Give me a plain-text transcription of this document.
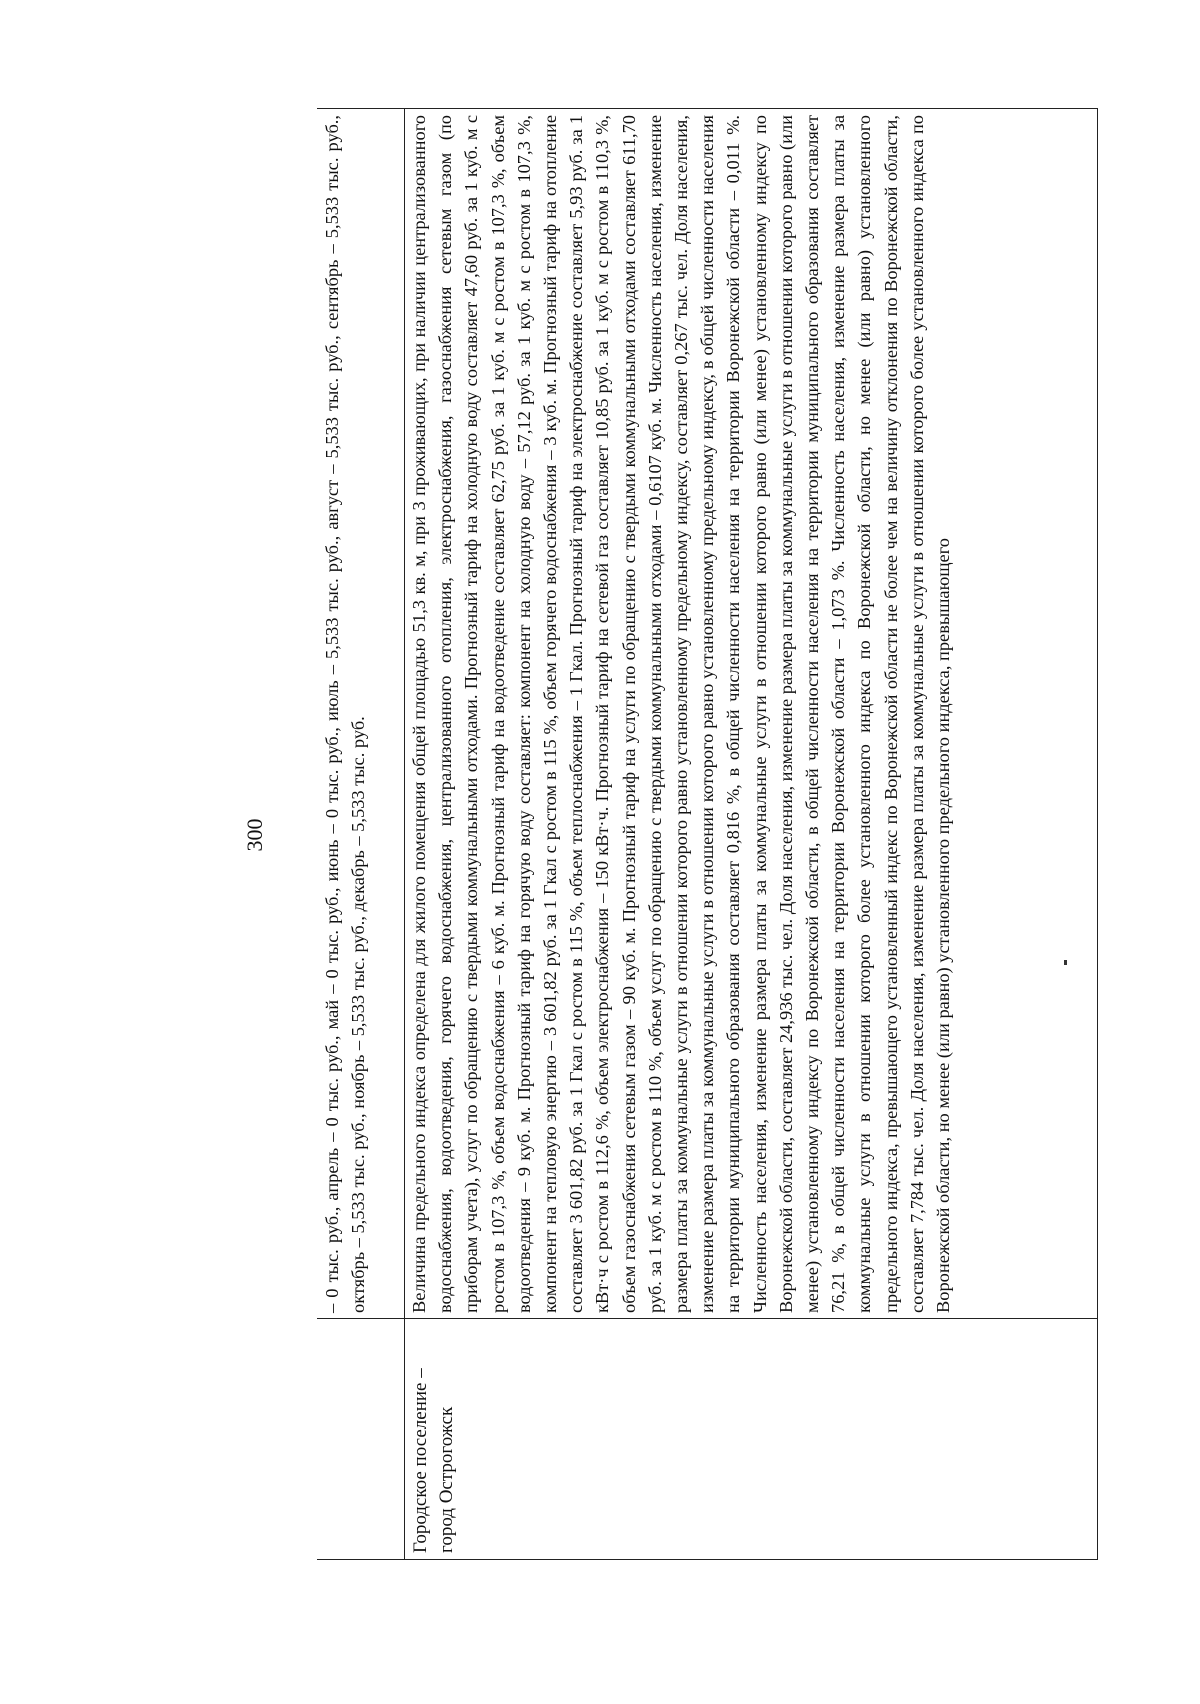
300	– 0 тыс. руб., апрель – 0 тыс. руб., май – 0 тыс. руб., июнь – 0 тыс. руб., июль – 5,533 тыс. руб., август – 5,533 тыс. руб., сентябрь – 5,533 тыс. руб., октябрь – 5,533 тыс. руб., ноябрь – 5,533 тыс. руб., декабрь – 5,533 тыс. руб.
Городское поселение – город Острогожск
Величина предельного индекса определена для жилого помещения общей площадью 51,3 кв. м, при 3 проживающих, при наличии централизованного водоснабжения, водоотведения, горячего водоснабжения, централизованного отопления, электроснабжения, газоснабжения сетевым газом (по приборам учета), услуг по обращению с твердыми коммунальными отходами. Прогнозный тариф на холодную воду составляет 47,60 руб. за 1 куб. м с ростом в 107,3 %, объем водоснабжения – 6 куб. м. Прогнозный тариф на водоотведение составляет 62,75 руб. за 1 куб. м с ростом в 107,3 %, объем водоотведения – 9 куб. м. Прогнозный тариф на горячую воду составляет: компонент на холодную воду – 57,12 руб. за 1 куб. м с ростом в 107,3 %, компонент на тепловую энергию – 3 601,82 руб. за 1 Гкал с ростом в 115 %, объем горячего водоснабжения – 3 куб. м. Прогнозный тариф на отопление составляет 3 601,82 руб. за 1 Гкал с ростом в 115 %, объем теплоснабжения – 1 Гкал. Прогнозный тариф на электроснабжение составляет 5,93 руб. за 1 кВт·ч с ростом в 112,6 %, объем электроснабжения – 150 кВт·ч. Прогнозный тариф на сетевой газ составляет 10,85 руб. за 1 куб. м с ростом в 110,3 %, объем газоснабжения сетевым газом – 90 куб. м. Прогнозный тариф на услуги по обращению с твердыми коммунальными отходами составляет 611,70 руб. за 1 куб. м с ростом в 110 %, объем услуг по обращению с твердыми коммунальными отходами – 0,6107 куб. м. Численность населения, изменение размера платы за коммунальные услуги в отношении которого равно установленному предельному индексу, составляет 0,267 тыс. чел. Доля населения, изменение размера платы за коммунальные услуги в отношении которого равно установленному предельному индексу, в общей численности населения на территории муниципального образования составляет 0,816 %, в общей численности населения на территории Воронежской области – 0,011 %. Численность населения, изменение размера платы за коммунальные услуги в отношении которого равно (или менее) установленному индексу по Воронежской области, составляет 24,936 тыс. чел. Доля населения, изменение размера платы за коммунальные услуги в отношении которого равно (или менее) установленному индексу по Воронежской области, в общей численности населения на территории муниципального образования составляет 76,21 %, в общей численности населения на территории Воронежской области – 1,073 %. Численность населения, изменение размера платы за коммунальные услуги в отношении которого более установленного индекса по Воронежской области, но менее (или равно) установленного предельного индекса, превышающего установленный индекс по Воронежской области не более чем на величину отклонения по Воронежской области, составляет 7,784 тыс. чел. Доля населения, изменение размера платы за коммунальные услуги в отношении которого более установленного индекса по Воронежской области, но менее (или равно) установленного предельного индекса, превышающего
